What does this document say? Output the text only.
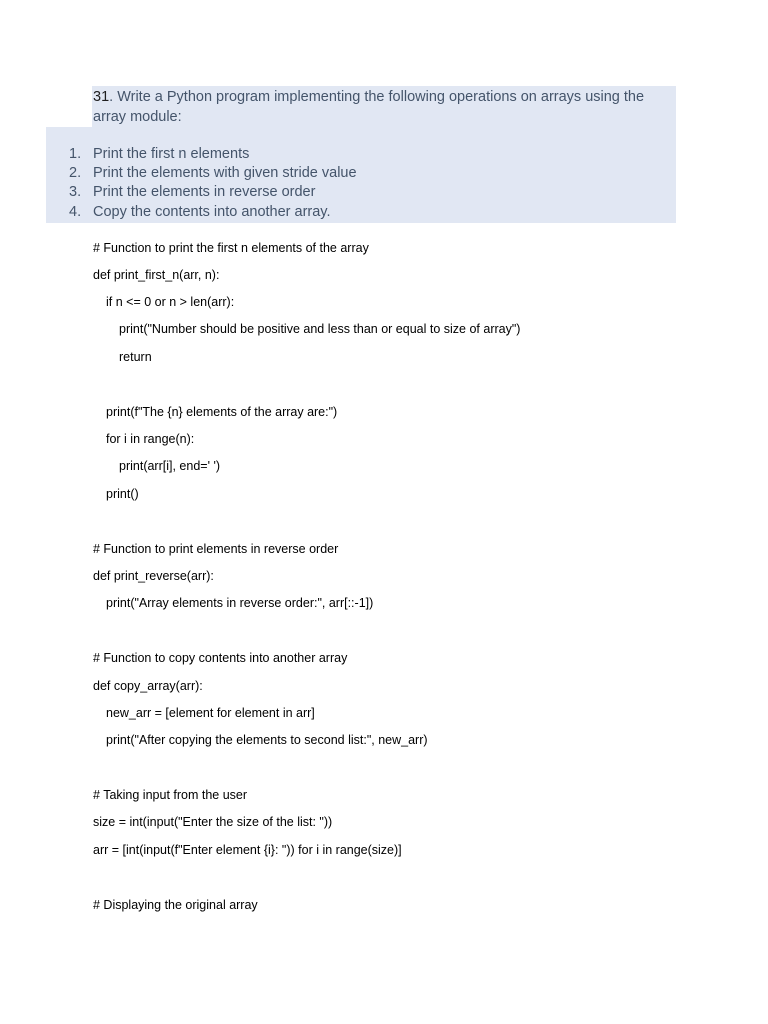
31. Write a Python program implementing the following operations on arrays using the array module:
1. Print the first n elements
2. Print the elements with given stride value
3. Print the elements in reverse order
4. Copy the contents into another array.
# Function to print the first n elements of the array
def print_first_n(arr, n):
if n <= 0 or n > len(arr):
print("Number should be positive and less than or equal to size of array")
return
print(f"The {n} elements of the array are:")
for i in range(n):
print(arr[i], end=' ')
print()
# Function to print elements in reverse order
def print_reverse(arr):
print("Array elements in reverse order:", arr[::-1])
# Function to copy contents into another array
def copy_array(arr):
new_arr = [element for element in arr]
print("After copying the elements to second list:", new_arr)
# Taking input from the user
size = int(input("Enter the size of the list: "))
arr = [int(input(f"Enter element {i}: ")) for i in range(size)]
# Displaying the original array
